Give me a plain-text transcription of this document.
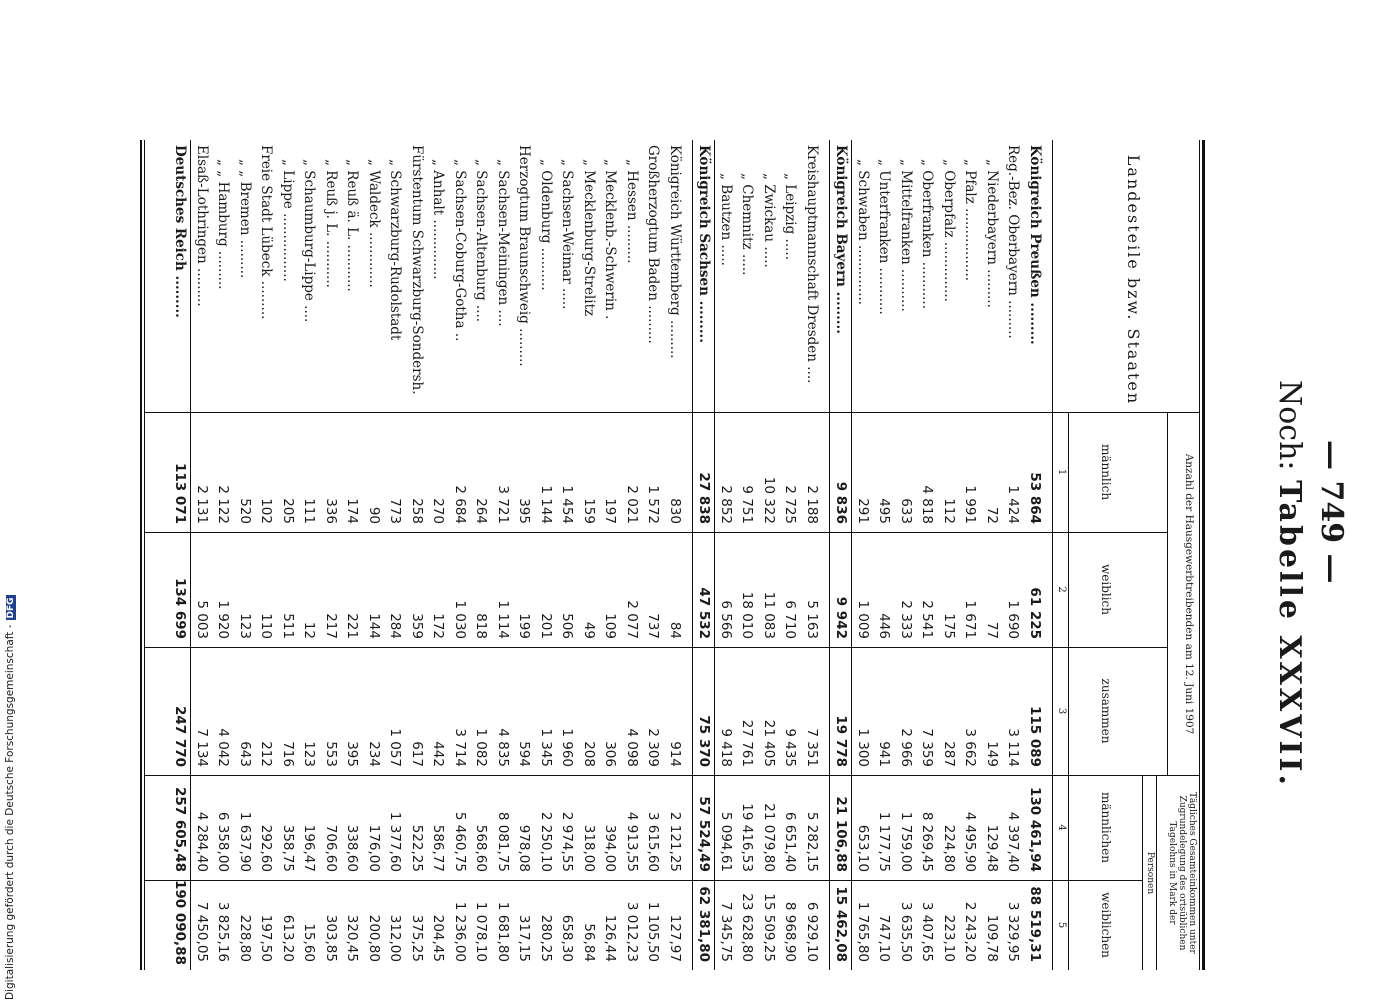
— 749 —
Noch: Tabelle XXXVII.
Landesteile bzw. Staaten
Anzahl der Hausgewerbtreibenden am 12. Juni 1907
Tägliches Gesamteinkommen unter Zugrundelegung des ortsüblichen Tagelohns in Mark der
Personen
männlich
weiblich
zusammen
männlichen
weiblichen
1
2
3
4
5
Königreich Preußen .........
53 864
61 225
115 089
130 461,94
88 519,31
Reg.-Bez. Oberbayern .........
1 424
1 690
3 114
4 397,40
3 329,95
„ Niederbayern .........
72
77
149
129,48
109,78
„ Pfalz .................
1 991
1 671
3 662
4 495,90
2 243,20
„ Oberpfalz ..............
112
175
287
224,80
223,10
„ Oberfranken ...........
4 818
2 541
7 359
8 269,45
3 407,65
„ Mittelfranken ..........
633
2 333
2 966
1 759,00
3 635,50
„ Unterfranken ...........
495
446
941
1 177,75
747,10
„ Schwaben ..............
291
1 009
1 300
653,10
1 765,80
Königreich Bayern .........
9 836
9 942
19 778
21 106,88
15 462,08
Kreishauptmannschaft Dresden ....
2 188
5 163
7 351
5 282,15
6 929,10
„ Leipzig .....
2 725
6 710
9 435
6 651,40
8 968,90
„ Zwickau .....
10 322
11 083
21 405
21 079,80
15 509,25
„ Chemnitz .....
9 751
18 010
27 761
19 416,53
23 628,80
„ Bautzen .....
2 852
6 566
9 418
5 094,61
7 345,75
Königreich Sachsen .........
27 838
47 532
75 370
57 524,49
62 381,80
Königreich Württemberg .........
830
84
914
2 121,25
127,97
Großherzogtum Baden .........
1 572
737
2 309
3 615,60
1 105,50
„ Hessen .........
2 021
2 077
4 098
4 913,55
3 012,23
„ Mecklenb.-Schwerin .
197
109
306
394,00
126,44
„ Mecklenburg-Strelitz
159
49
208
318,00
56,84
„ Sachsen-Weimar .....
1 454
506
1 960
2 974,55
658,30
„ Oldenburg ..........
1 144
201
1 345
2 250,10
280,25
Herzogtum Braunschweig .........
395
199
594
978,08
317,15
„ Sachsen-Meiningen ....
3 721
1 114
4 835
8 081,75
1 681,80
„ Sachsen-Altenburg ....
264
818
1 082
568,60
1 078,10
„ Sachsen-Coburg-Gotha ..
2 684
1 030
3 714
5 460,75
1 236,00
„ Anhalt ..............
270
172
442
586,77
204,45
Fürstentum Schwarzburg-Sondersh.
258
359
617
522,25
375,25
„ Schwarzburg-Rudolstadt
773
284
1 057
1 377,60
312,00
„ Waldeck .............
90
144
234
176,00
200,80
„ Reuß ä. L. ...........
174
221
395
338,60
320,45
„ Reuß j. L. ...........
336
217
553
706,60
303,85
„ Schaumburg-Lippe ....
111
12
123
196,47
15,60
„ Lippe ................
205
511
716
358,75
613,20
Freie Stadt Lübeck .........
102
110
212
292,60
197,50
„ „ Bremen .........
520
123
643
1 637,90
228,80
„ „ Hamburg .........
2 122
1 920
4 042
6 358,00
3 825,16
Elsaß-Lothringen .........
2 131
5 003
7 134
4 284,40
7 450,05
Deutsches Reich .........
113 071
134 699
247 770
257 605,48
190 090,88
Digitalisierung gefördert durch die Deutsche Forschungsgemeinschaft -DFG
